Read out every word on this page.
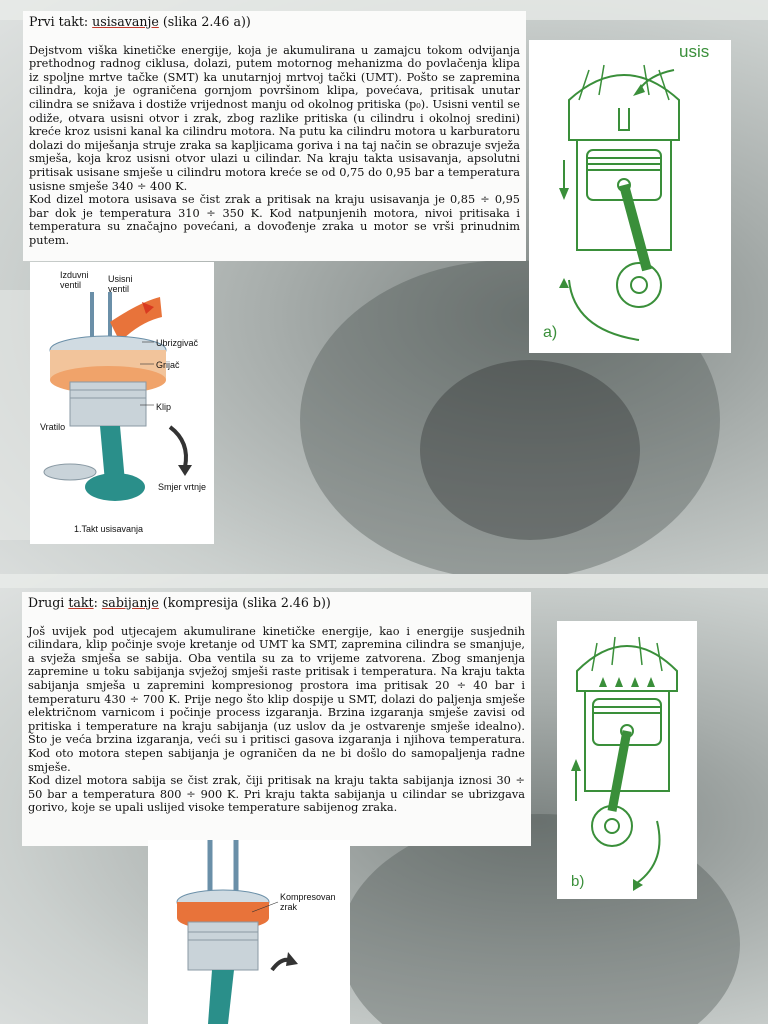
Prvi takt: usisavanje (slika 2.46 a))

Dejstvom viška kinetičke energije, koja je akumulirana u zamajcu tokom odvijanja prethodnog radnog ciklusa, dolazi, putem motornog mehanizma do povlačenja klipa iz spoljne mrtve tačke (SMT) ka unutarnjoj mrtvoj tački (UMT). Pošto se zapremina cilindra, koja je ograničena gornjom površinom klipa, povećava, pritisak unutar cilindra se snižava i dostiže vrijednost manju od okolnog pritiska (p₀). Usisni ventil se odiže, otvara usisni otvor i zrak, zbog razlike pritiska (u cilindru i okolnoj sredini) kreće kroz usisni kanal ka cilindru motora. Na putu ka cilindru motora u karburatoru dolazi do miješanja struje zraka sa kapljicama goriva i na taj način se obrazuje svježa smješa, koja kroz usisni otvor ulazi u cilindar. Na kraju takta usisavanja, apsolutni pritisak usisane smješe u cilindru motora kreće se od 0,75 do 0,95 bar a temperatura usisne smješe 340 ÷ 400 K.

Kod dizel motora usisava se čist zrak a pritisak na kraju usisavanja je 0,85 ÷ 0,95 bar dok je temperatura 310 ÷ 350 K. Kod natpunjenih motora, nivoi pritisaka i temperatura su značajno povećani, a dovođenje zraka u motor se vrši prinudnim putem.

usis
a)
Izduvni
ventil
Usisni
ventil
Ubrizgivač
Grijač
Klip
Vratilo
Smjer vrtnje
1.Takt usisavanja
Drugi takt: sabijanje (kompresija (slika 2.46 b))

Još uvijek pod utjecajem akumulirane kinetičke energije, kao i energije susjednih cilindara, klip počinje svoje kretanje od UMT ka SMT, zapremina cilindra se smanjuje, a svježa smješa se sabija. Oba ventila su za to vrijeme zatvorena. Zbog smanjenja zapremine u toku sabijanja svježoj smješi raste pritisak i temperatura. Na kraju takta sabijanja smješa u zapremini kompresionog prostora ima pritisak 20 ÷ 40 bar i temperaturu 430 ÷ 700 K. Prije nego što klip dospije u SMT, dolazi do paljenja smješe električnom varnicom i počinje process izgaranja. Brzina izgaranja smješe zavisi od pritiska i temperature na kraju sabijanja (uz uslov da je ostvarenje smješe idealno). Što je veća brzina izgaranja, veći su i pritisci gasova izgaranja i njihova temperatura. Kod oto motora stepen sabijanja je ograničen da ne bi došlo do samopaljenja radne smješe.

Kod dizel motora sabija se čist zrak, čiji pritisak na kraju takta sabijanja iznosi 30 ÷ 50 bar a temperatura 800 ÷ 900 K. Pri kraju takta sabijanja u cilindar se ubrizgava gorivo, koje se upali uslijed visoke temperature sabijenog zraka.

b)
Kompresovan
zrak
